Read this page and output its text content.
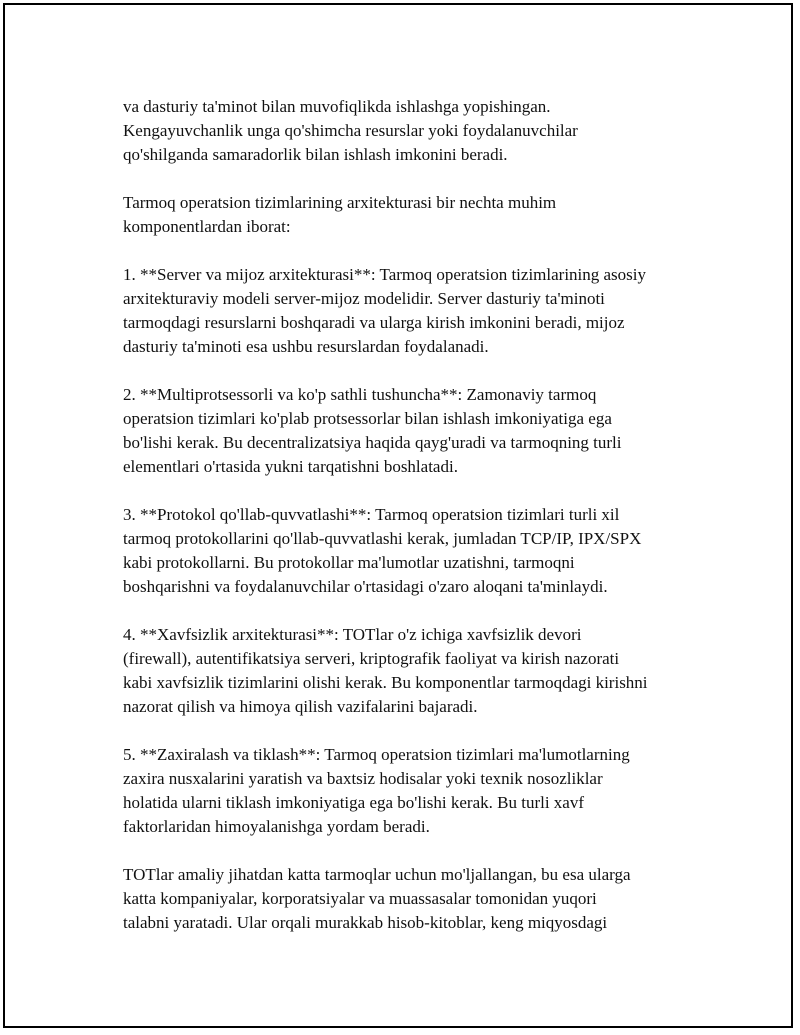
va dasturiy ta'minot bilan muvofiqlikda ishlashga yopishingan.
Kengayuvchanlik unga qo'shimcha resurslar yoki foydalanuvchilar
qo'shilganda samaradorlik bilan ishlash imkonini beradi.

Tarmoq operatsion tizimlarining arxitekturasi bir nechta muhim
komponentlardan iborat:

1. **Server va mijoz arxitekturasi**: Tarmoq operatsion tizimlarining asosiy
arxitekturaviy modeli server-mijoz modelidir. Server dasturiy ta'minoti
tarmoqdagi resurslarni boshqaradi va ularga kirish imkonini beradi, mijoz
dasturiy ta'minoti esa ushbu resurslardan foydalanadi.

2. **Multiprotsessorli va ko'p sathli tushuncha**: Zamonaviy tarmoq
operatsion tizimlari ko'plab protsessorlar bilan ishlash imkoniyatiga ega
bo'lishi kerak. Bu decentralizatsiya haqida qayg'uradi va tarmoqning turli
elementlari o'rtasida yukni tarqatishni boshlatadi.

3. **Protokol qo'llab-quvvatlashi**: Tarmoq operatsion tizimlari turli xil
tarmoq protokollarini qo'llab-quvvatlashi kerak, jumladan TCP/IP, IPX/SPX
kabi protokollarni. Bu protokollar ma'lumotlar uzatishni, tarmoqni
boshqarishni va foydalanuvchilar o'rtasidagi o'zaro aloqani ta'minlaydi.

4. **Xavfsizlik arxitekturasi**: TOTlar o'z ichiga xavfsizlik devori
(firewall), autentifikatsiya serveri, kriptografik faoliyat va kirish nazorati
kabi xavfsizlik tizimlarini olishi kerak. Bu komponentlar tarmoqdagi kirishni
nazorat qilish va himoya qilish vazifalarini bajaradi.

5. **Zaxiralash va tiklash**: Tarmoq operatsion tizimlari ma'lumotlarning
zaxira nusxalarini yaratish va baxtsiz hodisalar yoki texnik nosozliklar
holatida ularni tiklash imkoniyatiga ega bo'lishi kerak. Bu turli xavf
faktorlaridan himoyalanishga yordam beradi.

TOTlar amaliy jihatdan katta tarmoqlar uchun mo'ljallangan, bu esa ularga
katta kompaniyalar, korporatsiyalar va muassasalar tomonidan yuqori
talabni yaratadi. Ular orqali murakkab hisob-kitoblar, keng miqyosdagi
